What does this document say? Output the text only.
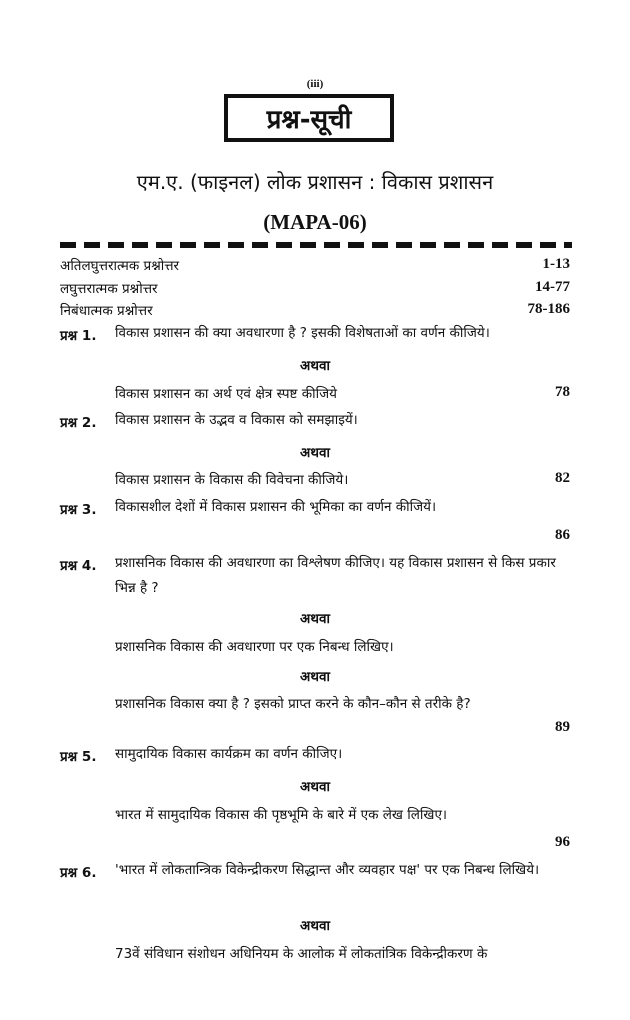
(iii)
प्रश्न-सूची
एम.ए. (फाइनल) लोक प्रशासन : विकास प्रशासन
(MAPA-06)
अतिलघुत्तरात्मक प्रश्नोत्तर	1-13
लघुत्तरात्मक प्रश्नोत्तर	14-77
निबंधात्मक प्रश्नोत्तर	78-186
प्रश्न 1. विकास प्रशासन की क्या अवधारणा है ? इसकी विशेषताओं का वर्णन कीजिये।
अथवा
विकास प्रशासन का अर्थ एवं क्षेत्र स्पष्ट कीजिये	78
प्रश्न 2. विकास प्रशासन के उद्भव व विकास को समझाइयें।
अथवा
विकास प्रशासन के विकास की विवेचना कीजिये।	82
प्रश्न 3. विकासशील देशों में विकास प्रशासन की भूमिका का वर्णन कीजियें।
86
प्रश्न 4. प्रशासनिक विकास की अवधारणा का विश्लेषण कीजिए। यह विकास प्रशासन से किस प्रकार भिन्न है ?
अथवा
प्रशासनिक विकास की अवधारणा पर एक निबन्ध लिखिए।
अथवा
प्रशासनिक विकास क्या है ? इसको प्राप्त करने के कौन–कौन से तरीके है?
89
प्रश्न 5. सामुदायिक विकास कार्यक्रम का वर्णन कीजिए।
अथवा
भारत में सामुदायिक विकास की पृष्ठभूमि के बारे में एक लेख लिखिए।
96
प्रश्न 6. 'भारत में लोकतान्त्रिक विकेन्द्रीकरण सिद्धान्त और व्यवहार पक्ष' पर एक निबन्ध लिखिये।
अथवा
73वें संविधान संशोधन अधिनियम के आलोक में लोकतांत्रिक विकेन्द्रीकरण के
